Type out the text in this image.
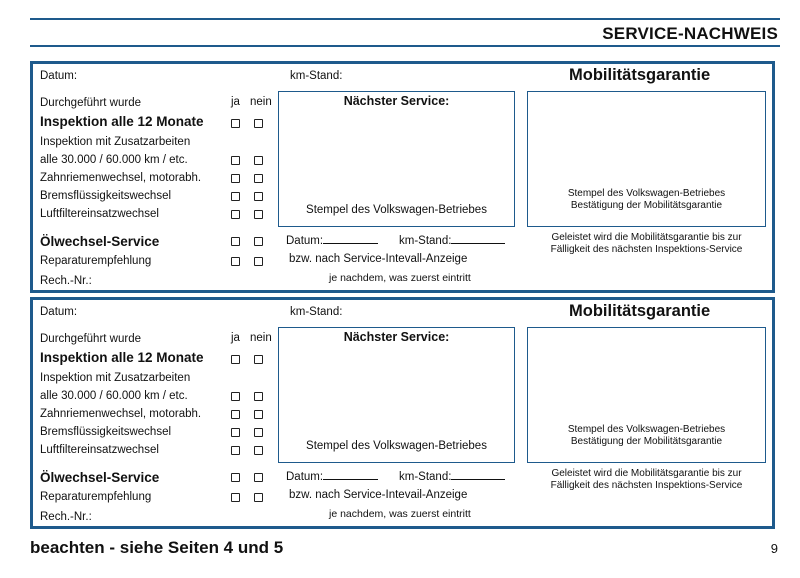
SERVICE-NACHWEIS
Datum:	km-Stand:	Mobilitätsgarantie
Durchgeführt wurde	ja nein
Inspektion alle 12 Monate
Inspektion mit Zusatzarbeiten
alle 30.000 / 60.000 km / etc.
Zahnriemenwechsel, motorabh.
Bremsflüssigkeitswechsel
Luftfiltereinsatzwechsel
Ölwechsel-Service
Reparaturempfehlung
Rech.-Nr.:
Nächster Service:
Stempel des Volkswagen-Betriebes
Stempel des Volkswagen-Betriebes
Bestätigung der Mobilitätsgarantie
Datum:	km-Stand:
bzw. nach Service-Intevall-Anzeige
je nachdem, was zuerst eintritt
Geleistet wird die Mobilitätsgarantie bis zur
Fälligkeit des nächsten Inspektions-Service
Datum:	km-Stand:	Mobilitätsgarantie
Durchgeführt wurde	ja nein
Inspektion alle 12 Monate
Inspektion mit Zusatzarbeiten
alle 30.000 / 60.000 km / etc.
Zahnriemenwechsel, motorabh.
Bremsflüssigkeitswechsel
Luftfiltereinsatzwechsel
Ölwechsel-Service
Reparaturempfehlung
Rech.-Nr.:
Nächster Service:
Stempel des Volkswagen-Betriebes
Stempel des Volkswagen-Betriebes
Bestätigung der Mobilitätsgarantie
Datum:	km-Stand:
bzw. nach Service-Intevail-Anzeige
je nachdem, was zuerst eintritt
Geleistet wird die Mobilitätsgarantie bis zur
Fälligkeit des nächsten Inspektions-Service
beachten - siehe Seiten 4 und 5	9
